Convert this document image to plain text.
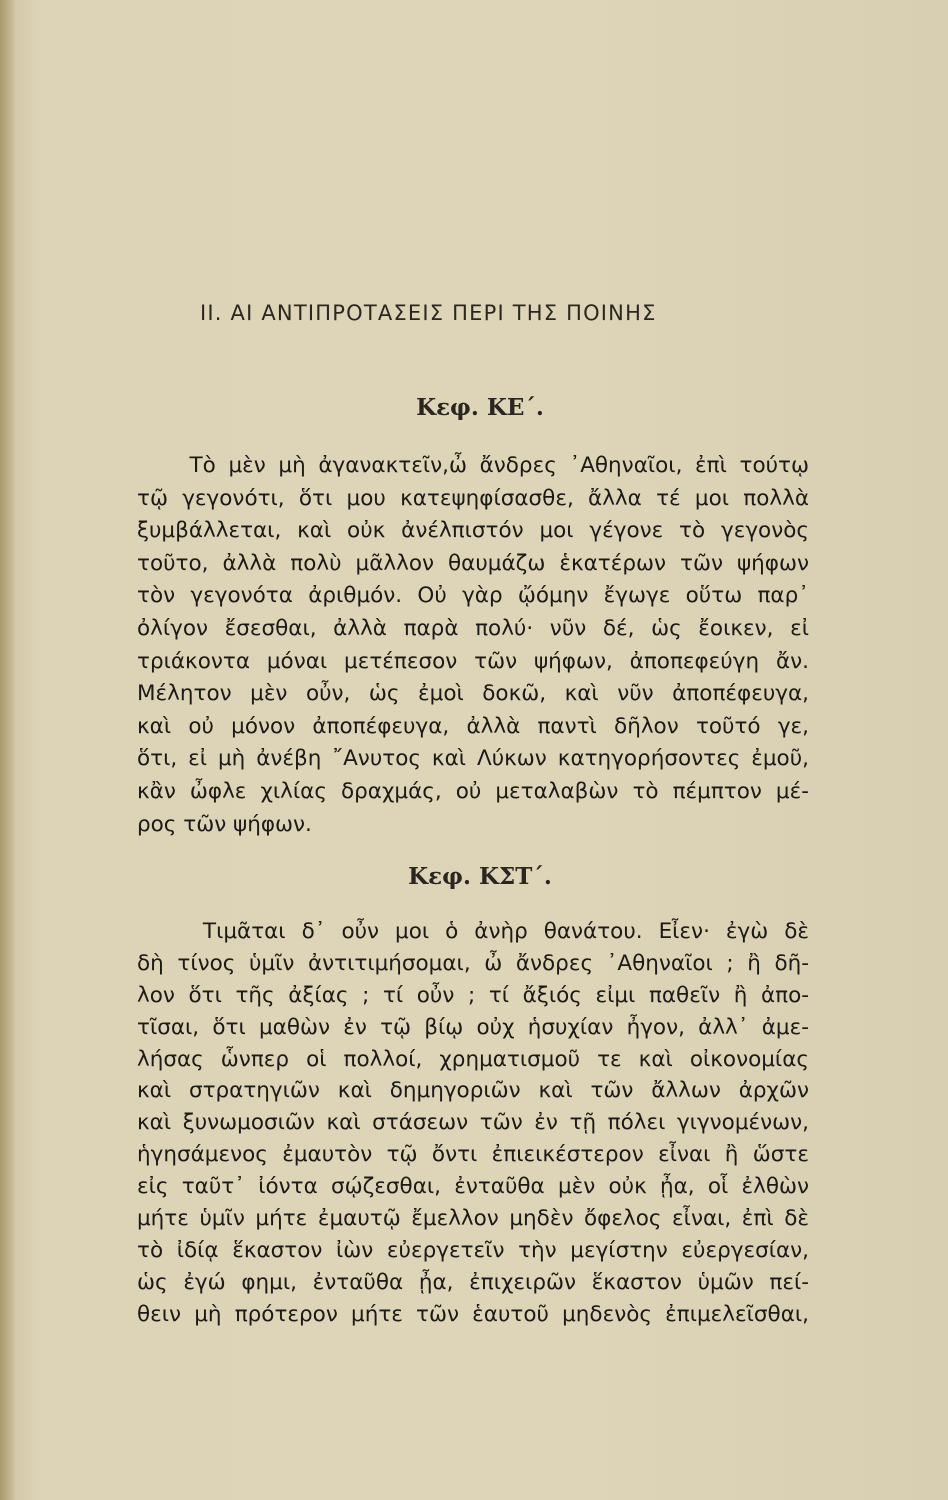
II. ΑΙ ΑΝΤΙΠΡΟΤΑΣΕΙΣ ΠΕΡΙ ΤΗΣ ΠΟΙΝΗΣ
Κεφ. ΚΕ΄.
Τὸ μὲν μὴ ἀγανακτεῖν,ὦ ἄνδρες ᾿Αθηναῖοι, ἐπὶ τούτῳ
τῷ γεγονότι, ὅτι μου κατεψηφίσασθε, ἄλλα τέ μοι πολλὰ
ξυμβάλλεται, καὶ οὐκ ἀνέλπιστόν μοι γέγονε τὸ γεγονὸς
τοῦτο, ἀλλὰ πολὺ μᾶλλον θαυμάζω ἑκατέρων τῶν ψήφων
τὸν γεγονότα ἀριθμόν. Οὐ γὰρ ᾤόμην ἔγωγε οὕτω παρ᾿
ὀλίγον ἔσεσθαι, ἀλλὰ παρὰ πολύ· νῦν δέ, ὡς ἔοικεν, εἰ
τριάκοντα μόναι μετέπεσον τῶν ψήφων, ἀποπεφεύγη ἄν.
Μέλητον μὲν οὖν, ὡς ἐμοὶ δοκῶ, καὶ νῦν ἀποπέφευγα,
καὶ οὐ μόνον ἀποπέφευγα, ἀλλὰ παντὶ δῆλον τοῦτό γε,
ὅτι, εἰ μὴ ἀνέβη ῎Ανυτος καὶ Λύκων κατηγορήσοντες ἐμοῦ,
κἂν ὦφλε χιλίας δραχμάς, οὐ μεταλαβὼν τὸ πέμπτον μέ-
ρος τῶν ψήφων.
Κεφ. ΚΣΤ΄.
Τιμᾶται δ᾿ οὖν μοι ὁ ἀνὴρ θανάτου. Εἶεν· ἐγὼ δὲ
δὴ τίνος ὑμῖν ἀντιτιμήσομαι, ὦ ἄνδρες ᾿Αθηναῖοι ; ἢ δῆ-
λον ὅτι τῆς ἀξίας ; τί οὖν ; τί ἄξιός εἰμι παθεῖν ἢ ἀπο-
τῖσαι, ὅτι μαθὼν ἐν τῷ βίῳ οὐχ ἡσυχίαν ἦγον, ἀλλ᾿ ἀμε-
λήσας ὧνπερ οἱ πολλοί, χρηματισμοῦ τε καὶ οἰκονομίας
καὶ στρατηγιῶν καὶ δημηγοριῶν καὶ τῶν ἄλλων ἀρχῶν
καὶ ξυνωμοσιῶν καὶ στάσεων τῶν ἐν τῇ πόλει γιγνομένων,
ἡγησάμενος ἐμαυτὸν τῷ ὄντι ἐπιεικέστερον εἶναι ἢ ὥστε
εἰς ταῦτ᾿ ἰόντα σῴζεσθαι, ἐνταῦθα μὲν οὐκ ᾖα, οἷ ἐλθὼν
μήτε ὑμῖν μήτε ἐμαυτῷ ἔμελλον μηδὲν ὄφελος εἶναι, ἐπὶ δὲ
τὸ ἰδίᾳ ἕκαστον ἰὼν εὐεργετεῖν τὴν μεγίστην εὐεργεσίαν,
ὡς ἐγώ φημι, ἐνταῦθα ᾖα, ἐπιχειρῶν ἕκαστον ὑμῶν πεί-
θειν μὴ πρότερον μήτε τῶν ἑαυτοῦ μηδενὸς ἐπιμελεῖσθαι,
